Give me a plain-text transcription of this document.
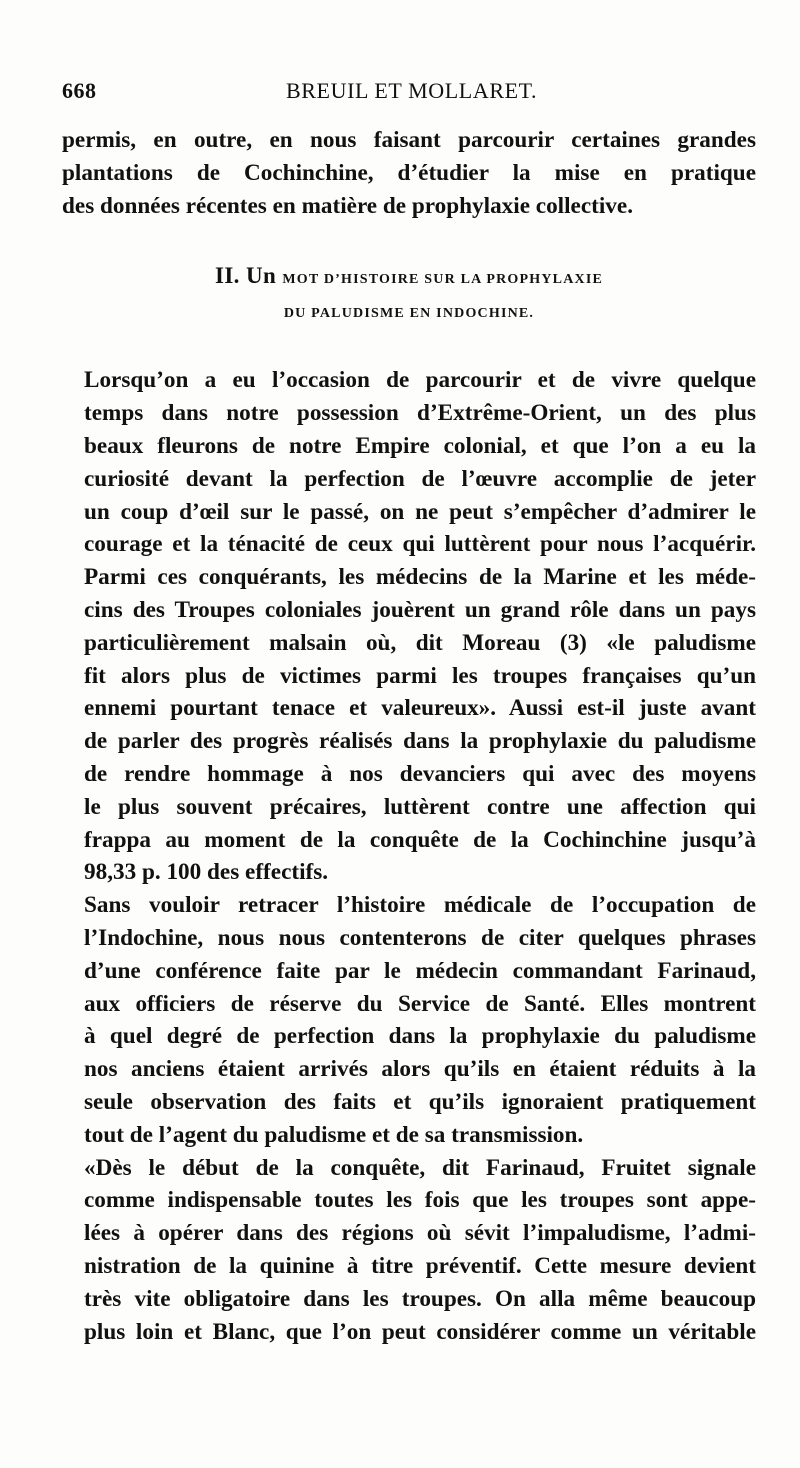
668	BREUIL ET MOLLARET.

permis, en outre, en nous faisant parcourir certaines grandes
plantations de Cochinchine, d’étudier la mise en pratique
des données récentes en matière de prophylaxie collective.

II. Un MOT D’HISTOIRE SUR LA PROPHYLAXIE
DU PALUDISME EN INDOCHINE.

Lorsqu’on a eu l’occasion de parcourir et de vivre quelque
temps dans notre possession d’Extrême-Orient, un des plus
beaux fleurons de notre Empire colonial, et que l’on a eu la
curiosité devant la perfection de l’œuvre accomplie de jeter
un coup d’œil sur le passé, on ne peut s’empêcher d’admirer le
courage et la ténacité de ceux qui luttèrent pour nous l’acquérir.
Parmi ces conquérants, les médecins de la Marine et les méde-
cins des Troupes coloniales jouèrent un grand rôle dans un pays
particulièrement malsain où, dit Moreau (3) «le paludisme
fit alors plus de victimes parmi les troupes françaises qu’un
ennemi pourtant tenace et valeureux». Aussi est-il juste avant
de parler des progrès réalisés dans la prophylaxie du paludisme
de rendre hommage à nos devanciers qui avec des moyens
le plus souvent précaires, luttèrent contre une affection qui
frappa au moment de la conquête de la Cochinchine jusqu’à
98,33 p. 100 des effectifs.

Sans vouloir retracer l’histoire médicale de l’occupation de
l’Indochine, nous nous contenterons de citer quelques phrases
d’une conférence faite par le médecin commandant Farinaud,
aux officiers de réserve du Service de Santé. Elles montrent
à quel degré de perfection dans la prophylaxie du paludisme
nos anciens étaient arrivés alors qu’ils en étaient réduits à la
seule observation des faits et qu’ils ignoraient pratiquement
tout de l’agent du paludisme et de sa transmission.

«Dès le début de la conquête, dit Farinaud, Fruitet signale
comme indispensable toutes les fois que les troupes sont appe-
lées à opérer dans des régions où sévit l’impaludisme, l’admi-
nistration de la quinine à titre préventif. Cette mesure devient
très vite obligatoire dans les troupes. On alla même beaucoup
plus loin et Blanc, que l’on peut considérer comme un véritable
